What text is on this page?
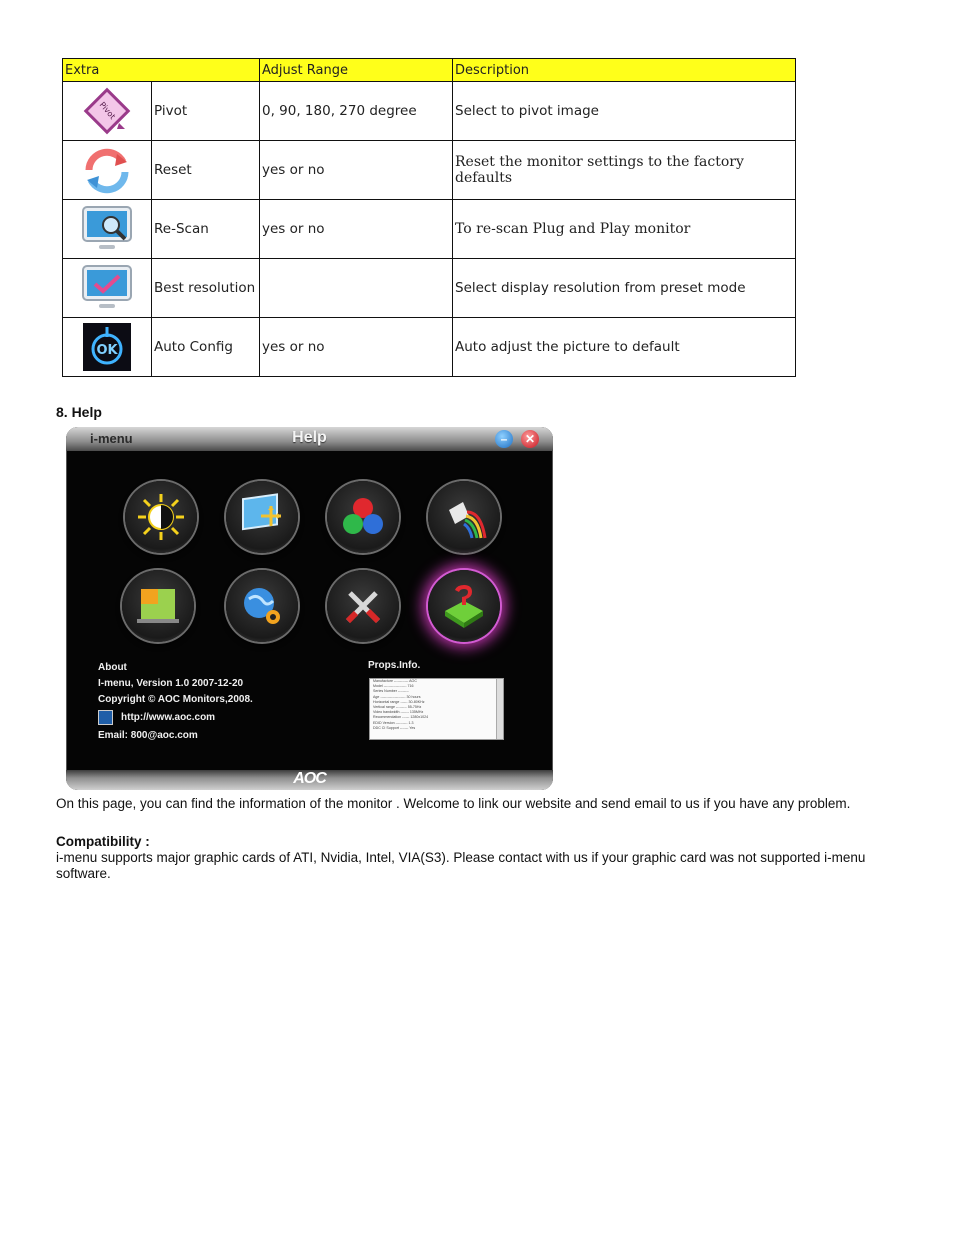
Extra		Adjust Range	Description

Pivot	Pivot	0, 90, 180, 270 degree	Select to pivot image
	Reset	yes or no	Reset the monitor settings to the factory defaults
	Re-Scan	yes or no	To re-scan Plug and Play monitor
	Best resolution		Select display resolution from preset mode

OK	Auto Config	yes or no	Auto adjust the picture to default
8. Help
i-menu	Help	–	✕
About
I-menu, Version 1.0 2007-12-20
Copyright © AOC Monitors,2008.
http://www.aoc.com
Email: 800@aoc.com
Props.Info.
Manufacture ------------ AOC
Model ------------------- 716
Series Number ---------
Age --------------------- 30 hours
Horizontal range ------ 30-80KHz
Vertical range --------- 55-75Hz
Video bandwidth ------- 135MHz
Recommendation ------ 1280x1024
EDID Version ---------- 1.3
DDC CI Support ------- Yes
AOC
On this page, you can find the information of the monitor . Welcome to link our website and send email to us if you have any problem.
Compatibility :
i-menu supports major graphic cards of ATI, Nvidia, Intel, VIA(S3). Please contact with us if your graphic card was not supported i-menu software.
